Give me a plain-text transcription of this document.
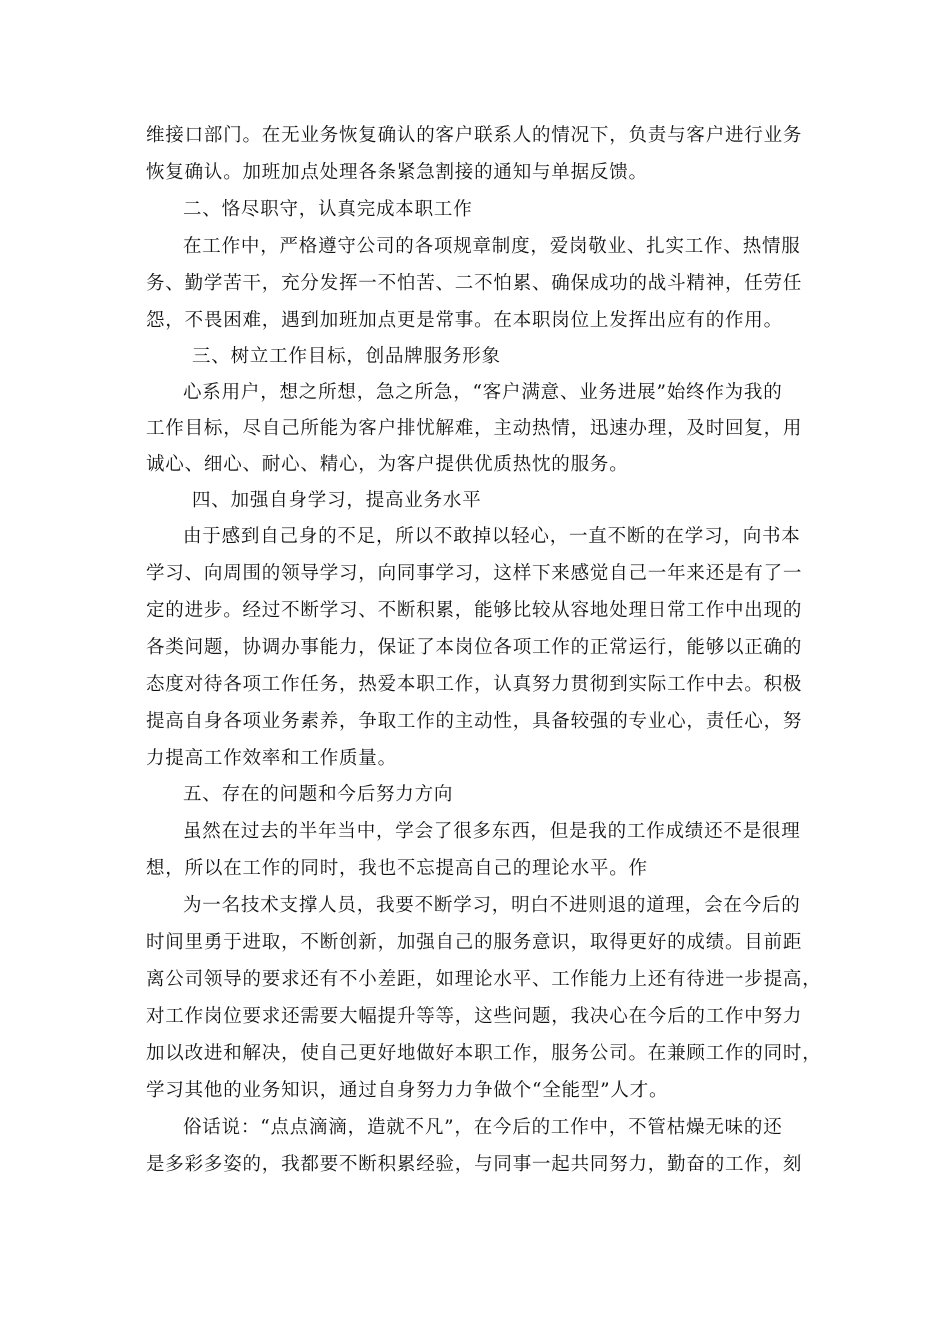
维接口部门。在无业务恢复确认的客户联系人的情况下，负责与客户进行业务
恢复确认。加班加点处理各条紧急割接的通知与单据反馈。
二、恪尽职守，认真完成本职工作
在工作中，严格遵守公司的各项规章制度，爱岗敬业、扎实工作、热情服
务、勤学苦干，充分发挥一不怕苦、二不怕累、确保成功的战斗精神，任劳任
怨，不畏困难，遇到加班加点更是常事。在本职岗位上发挥出应有的作用。
三、树立工作目标，创品牌服务形象
心系用户，想之所想，急之所急，“客户满意、业务进展”始终作为我的
工作目标，尽自己所能为客户排忧解难，主动热情，迅速办理，及时回复，用
诚心、细心、耐心、精心，为客户提供优质热忱的服务。
四、加强自身学习，提高业务水平
由于感到自己身的不足，所以不敢掉以轻心，一直不断的在学习，向书本
学习、向周围的领导学习，向同事学习，这样下来感觉自己一年来还是有了一
定的进步。经过不断学习、不断积累，能够比较从容地处理日常工作中出现的
各类问题，协调办事能力，保证了本岗位各项工作的正常运行，能够以正确的
态度对待各项工作任务，热爱本职工作，认真努力贯彻到实际工作中去。积极
提高自身各项业务素养，争取工作的主动性，具备较强的专业心，责任心，努
力提高工作效率和工作质量。
五、存在的问题和今后努力方向
虽然在过去的半年当中，学会了很多东西，但是我的工作成绩还不是很理
想，所以在工作的同时，我也不忘提高自己的理论水平。作
为一名技术支撑人员，我要不断学习，明白不进则退的道理，会在今后的
时间里勇于进取，不断创新，加强自己的服务意识，取得更好的成绩。目前距
离公司领导的要求还有不小差距，如理论水平、工作能力上还有待进一步提高，
对工作岗位要求还需要大幅提升等等，这些问题，我决心在今后的工作中努力
加以改进和解决，使自己更好地做好本职工作，服务公司。在兼顾工作的同时，
学习其他的业务知识，通过自身努力力争做个“全能型”人才。
俗话说：“点点滴滴，造就不凡”，在今后的工作中，不管枯燥无味的还
是多彩多姿的，我都要不断积累经验，与同事一起共同努力，勤奋的工作，刻
